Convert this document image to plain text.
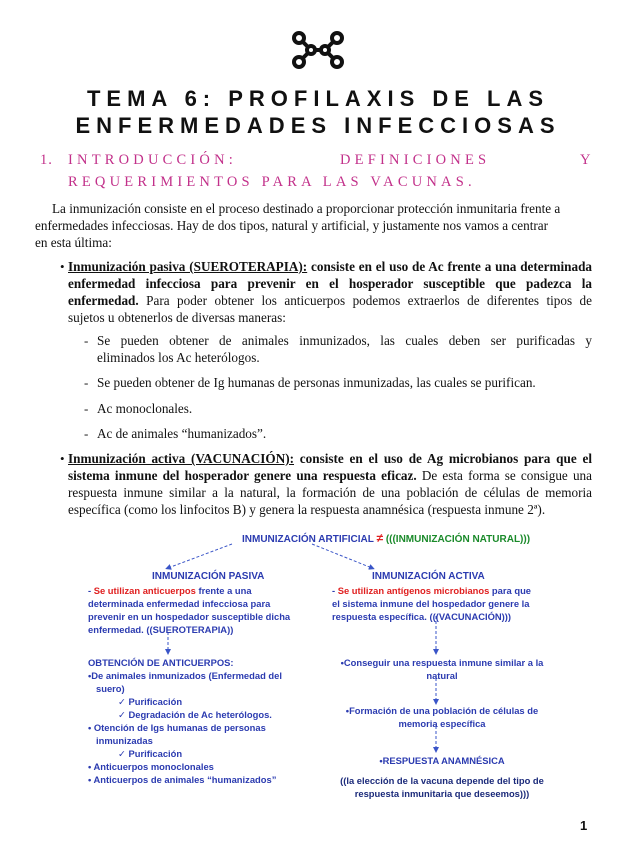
TEMA 6: PROFILAXIS DE LAS
ENFERMEDADES INFECCIOSAS
1. INTRODUCCIÓN:	DEFINICIONES	Y
REQUERIMIENTOS PARA LAS VACUNAS.
La inmunización consiste en el proceso destinado a proporcionar protección inmunitaria frente a
enfermedades infecciosas. Hay de dos tipos, natural y artificial, y justamente nos vamos a centrar
en esta última:
• Inmunización pasiva (SUEROTERAPIA): consiste en el uso de Ac frente a una determinada
enfermedad infecciosa para prevenir en el hosperador susceptible que padezca la
enfermedad. Para poder obtener los anticuerpos podemos extraerlos de diferentes tipos de
sujetos u obtenerlos de diversas maneras:
- Se pueden obtener de animales inmunizados, las cuales deben ser purificadas y
eliminados los Ac heterólogos.
- Se pueden obtener de Ig humanas de personas inmunizadas, las cuales se purifican.
- Ac monoclonales.
- Ac de animales “humanizados”.
• Inmunización activa (VACUNACIÓN): consiste en el uso de Ag microbianos para que el
sistema inmune del hosperador genere una respuesta eficaz. De esta forma se consigue una
respuesta inmune similar a la natural, la formación de una población de células de memoria
específica (como los linfocitos B) y genera la respuesta anamnésica (respuesta inmune 2ª).
INMUNIZACIÓN ARTIFICIAL ≠ (((INMUNIZACIÓN NATURAL)))
INMUNIZACIÓN PASIVA
- Se utilizan anticuerpos frente a una
determinada enfermedad infecciosa para
prevenir en un hospedador susceptible dicha
enfermedad. ((SUEROTERAPIA))
OBTENCIÓN DE ANTICUERPOS:
•De animales inmunizados (Enfermedad del
suero)
✓ Purificación
✓ Degradación de Ac heterólogos.
• Otención de Igs humanas de personas
inmunizadas
✓ Purificación
• Anticuerpos monoclonales
• Anticuerpos de animales “humanizados”
INMUNIZACIÓN ACTIVA
- Se utilizan antígenos microbianos para que
el sistema inmune del hospedador genere la
respuesta específica. (((VACUNACIÓN)))
•Conseguir una respuesta inmune similar a la
natural
•Formación de una población de células de
memoria específica
•RESPUESTA ANAMNÉSICA
((la elección de la vacuna depende del tipo de
respuesta inmunitaria que deseemos)))
1
